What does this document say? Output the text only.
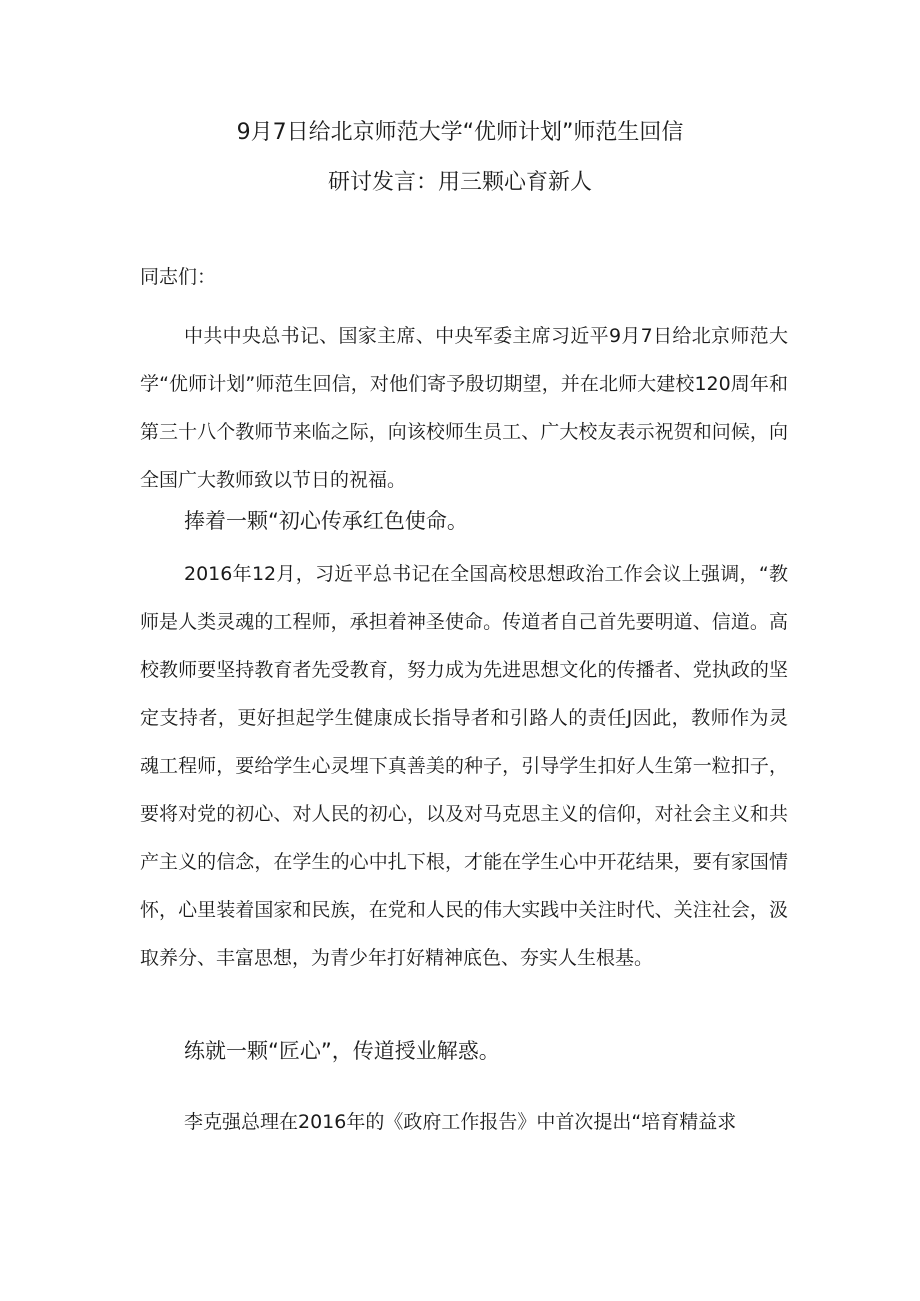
9月7日给北京师范大学“优师计划”师范生回信
研讨发言：用三颗心育新人

同志们：

中共中央总书记、国家主席、中央军委主席习近平9月7日给北京师范大学“优师计划”师范生回信，对他们寄予殷切期望，并在北师大建校120周年和第三十八个教师节来临之际，向该校师生员工、广大校友表示祝贺和问候，向全国广大教师致以节日的祝福。

捧着一颗“初心传承红色使命。

2016年12月，习近平总书记在全国高校思想政治工作会议上强调，“教师是人类灵魂的工程师，承担着神圣使命。传道者自己首先要明道、信道。高校教师要坚持教育者先受教育，努力成为先进思想文化的传播者、党执政的坚定支持者，更好担起学生健康成长指导者和引路人的责任J因此，教师作为灵魂工程师，要给学生心灵埋下真善美的种子，引导学生扣好人生第一粒扣子，要将对党的初心、对人民的初心，以及对马克思主义的信仰，对社会主义和共产主义的信念，在学生的心中扎下根，才能在学生心中开花结果，要有家国情怀，心里装着国家和民族，在党和人民的伟大实践中关注时代、关注社会，汲取养分、丰富思想，为青少年打好精神底色、夯实人生根基。

练就一颗“匠心”，传道授业解惑。

李克强总理在2016年的《政府工作报告》中首次提出“培育精益求
